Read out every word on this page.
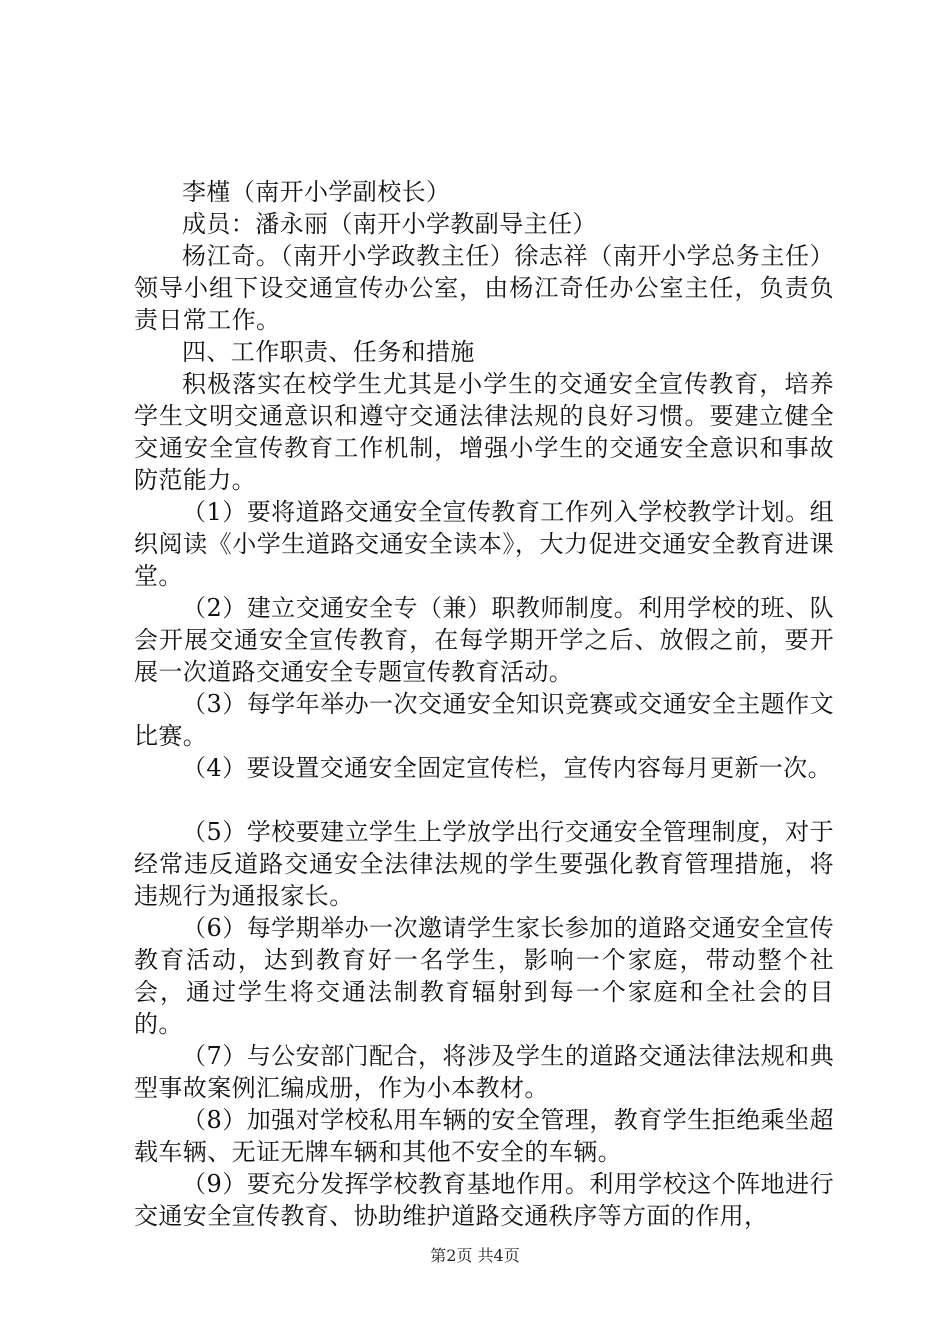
李槿（南开小学副校长）

成员：潘永丽（南开小学教副导主任）

杨江奇。（南开小学政教主任）徐志祥（南开小学总务主任）领导小组下设交通宣传办公室，由杨江奇任办公室主任，负责负责日常工作。

四、工作职责、任务和措施

积极落实在校学生尤其是小学生的交通安全宣传教育，培养学生文明交通意识和遵守交通法律法规的良好习惯。要建立健全交通安全宣传教育工作机制，增强小学生的交通安全意识和事故防范能力。

（1）要将道路交通安全宣传教育工作列入学校教学计划。组织阅读《小学生道路交通安全读本》，大力促进交通安全教育进课堂。

（2）建立交通安全专（兼）职教师制度。利用学校的班、队会开展交通安全宣传教育，在每学期开学之后、放假之前，要开展一次道路交通安全专题宣传教育活动。

（3）每学年举办一次交通安全知识竞赛或交通安全主题作文比赛。

（4）要设置交通安全固定宣传栏，宣传内容每月更新一次。

（5）学校要建立学生上学放学出行交通安全管理制度，对于经常违反道路交通安全法律法规的学生要强化教育管理措施，将违规行为通报家长。

（6）每学期举办一次邀请学生家长参加的道路交通安全宣传教育活动，达到教育好一名学生，影响一个家庭，带动整个社会，通过学生将交通法制教育辐射到每一个家庭和全社会的目的。

（7）与公安部门配合，将涉及学生的道路交通法律法规和典型事故案例汇编成册，作为小本教材。

（8）加强对学校私用车辆的安全管理，教育学生拒绝乘坐超载车辆、无证无牌车辆和其他不安全的车辆。

（9）要充分发挥学校教育基地作用。利用学校这个阵地进行交通安全宣传教育、协助维护道路交通秩序等方面的作用，

第2页 共4页
